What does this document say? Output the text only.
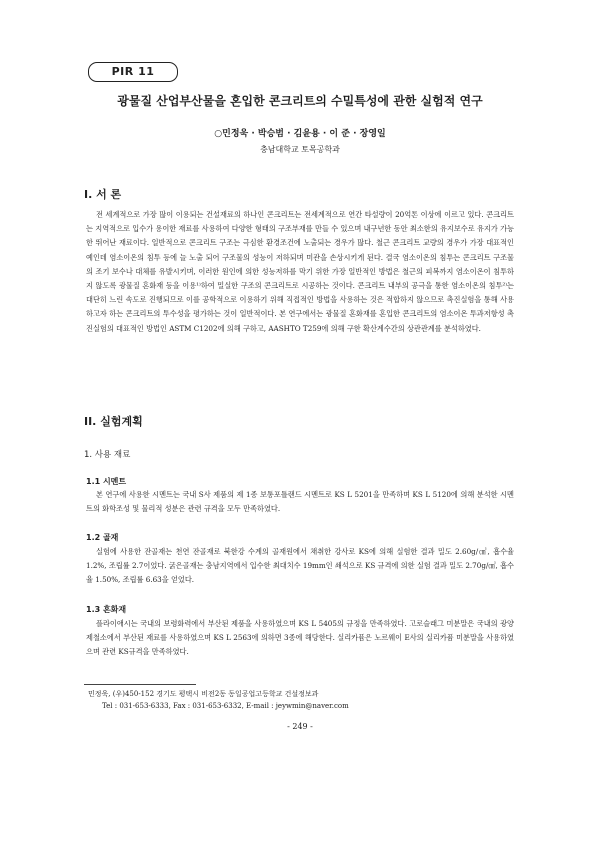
PIR 11
광물질 산업부산물을 혼입한 콘크리트의 수밀특성에 관한 실험적 연구
○민정욱 · 박승범 · 김윤용 · 이 준 · 장영일
충남대학교 토목공학과
I. 서 론

전 세계적으로 가장 많이 이용되는 건설재료의 하나인 콘크리트는 전세계적으로 연간 타설량이 20억톤 이상에 이르고 있다. 콘크리트는 지역적으로 입수가 용이한 재료를 사용하여 다양한 형태의 구조부재를 만들 수 있으며 내구년한 동안 최소한의 유지보수로 유지가 가능한 뛰어난 재료이다. 일반적으로 콘크리트 구조는 극심한 환경조건에 노출되는 경우가 많다. 철근 콘크리트 교량의 경우가 가장 대표적인 예인데 염소이온의 침투 등에 늘 노출 되어 구조물의 성능이 저하되며 미관을 손상시키게 된다. 결국 염소이온의 침투는 콘크리트 구조물의 조기 보수나 대체를 유발시키며, 이러한 원인에 의한 성능저하를 막기 위한 가장 일반적인 방법은 철근의 피복까지 염소이온이 침투하지 않도록 광물질 혼화재 등을 이용¹⁾하여 밀실한 구조의 콘크리트로 시공하는 것이다. 콘크리트 내부의 공극을 통한 염소이온의 침투²⁾는 대단히 느린 속도로 진행되므로 이를 공학적으로 이용하기 위해 직접적인 방법을 사용하는 것은 적합하지 않으므로 촉진실험을 통해 사용하고자 하는 콘크리트의 투수성을 평가하는 것이 일반적이다. 본 연구에서는 광물질 혼화재를 혼입한 콘크리트의 염소이온 투과저항성 촉진실험의 대표적인 방법인 ASTM C1202에 의해 구하고, AASHTO T259에 의해 구한 확산계수간의 상관관계를 분석하였다.

II. 실험계획
1. 사용 재료
1.1 시멘트

본 연구에 사용한 시멘트는 국내 S사 제품의 제 1종 보통포틀랜드 시멘트로 KS L 5201을 만족하며 KS L 5120에 의해 분석한 시멘트의 화학조성 및 물리적 성분은 관련 규격을 모두 만족하였다.

1.2 골재

실험에 사용한 잔골재는 천연 잔골재로 북한강 수계의 골재원에서 채취한 강사로 KS에 의해 실험한 결과 밀도 2.60g/㎤, 흡수율 1.2%, 조립률 2.7이었다. 굵은골재는 충남지역에서 입수한 최대치수 19mm인 쇄석으로 KS 규격에 의한 실험 결과 밀도 2.70g/㎤, 흡수율 1.50%, 조립률 6.63을 얻었다.

1.3 혼화재

플라이애시는 국내의 보령화력에서 부산된 제품을 사용하였으며 KS L 5405의 규정을 만족하였다. 고로슬래그 미분말은 국내의 광양 제철소에서 부산된 재료를 사용하였으며 KS L 2563에 의하면 3종에 해당한다. 실리카퓸은 노르웨이 E사의 실리카퓸 미분말을 사용하였으며 관련 KS규격을 만족하였다.

민정욱, (우)450-152 경기도 평택시 비전2동 동일공업고등학교 건설정보과

Tel : 031-653-6333, Fax : 031-653-6332, E-mail : jeywmin@naver.com

- 249 -
